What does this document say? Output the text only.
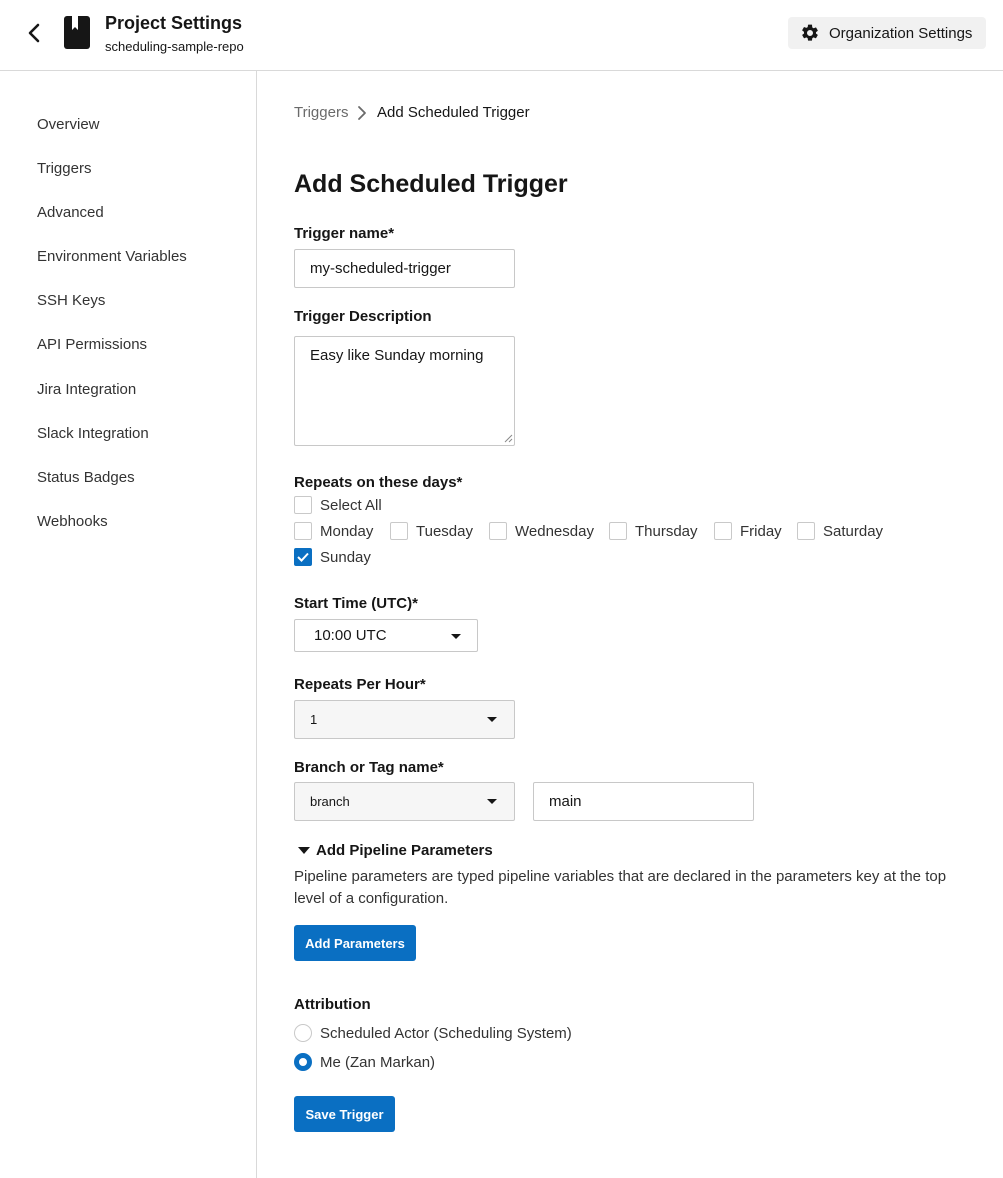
Project Settings
scheduling-sample-repo
Organization Settings
Overview
Triggers
Advanced
Environment Variables
SSH Keys
API Permissions
Jira Integration
Slack Integration
Status Badges
Webhooks
Triggers Add Scheduled Trigger
Add Scheduled Trigger
Trigger name*
my-scheduled-trigger
Trigger Description
Easy like Sunday morning
Repeats on these days*
Select All
Monday	Tuesday	Wednesday	Thursday	Friday	Saturday
Sunday
Start Time (UTC)*
10:00 UTC
Repeats Per Hour*
1
Branch or Tag name*
branch
main
Add Pipeline Parameters
Pipeline parameters are typed pipeline variables that are declared in the parameters key at the top level of a configuration.
Add Parameters
Attribution
Scheduled Actor (Scheduling System)
Me (Zan Markan)
Save Trigger
